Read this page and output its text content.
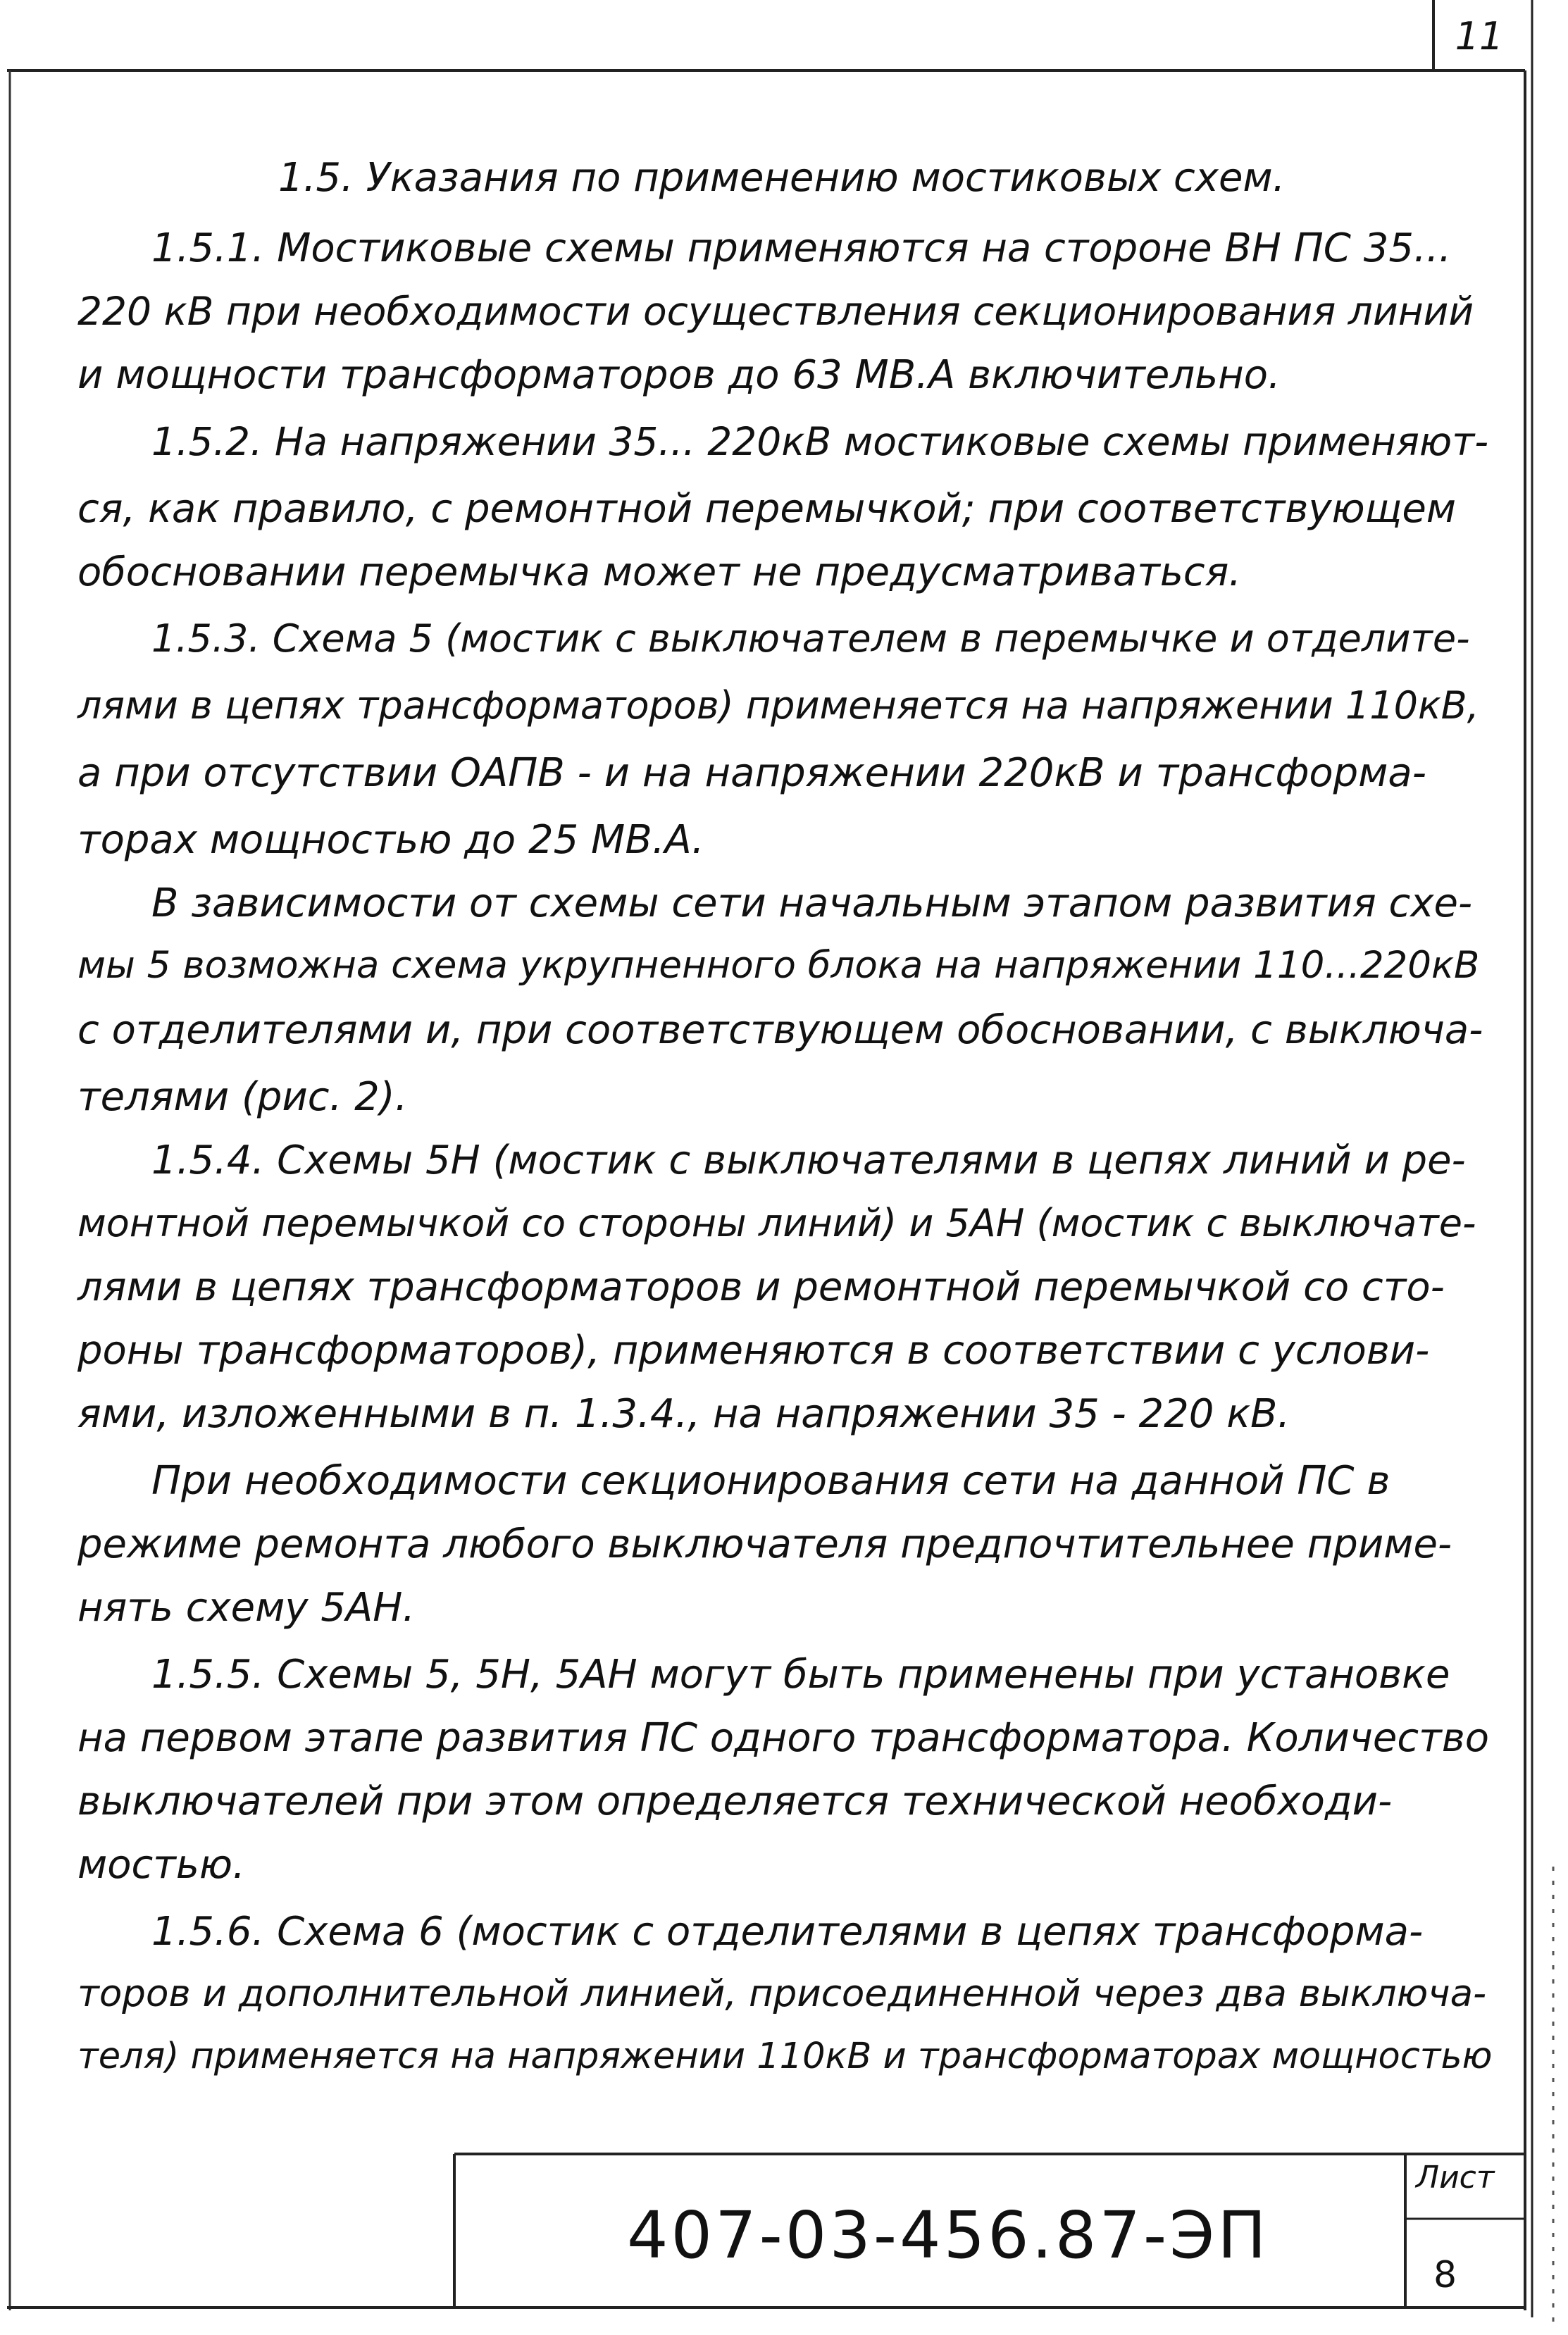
11
1.5. Указания по применению мостиковых схем.
1.5.1. Мостиковые схемы применяются на стороне ВН ПС 35...
220 кВ при необходимости осуществления секционирования линий
и мощности трансформаторов до 63 МВ.А включительно.
1.5.2. На напряжении 35... 220кВ мостиковые схемы применяют-
ся, как правило, с ремонтной перемычкой; при соответствующем
обосновании перемычка может не предусматриваться.
1.5.3. Схема 5 (мостик с выключателем в перемычке и отделите-
лями в цепях трансформаторов) применяется на напряжении 110кВ,
а при отсутствии ОАПВ - и на напряжении 220кВ и трансформа-
торах мощностью до 25 МВ.А.
В зависимости от схемы сети начальным этапом развития схе-
мы 5 возможна схема укрупненного блока на напряжении 110...220кВ
с отделителями и, при соответствующем обосновании, с выключа-
телями (рис. 2).
1.5.4. Схемы 5Н (мостик с выключателями в цепях линий и ре-
монтной перемычкой со стороны линий) и 5АН (мостик с выключате-
лями в цепях трансформаторов и ремонтной перемычкой со сто-
роны трансформаторов), применяются в соответствии с услови-
ями, изложенными в п. 1.3.4., на напряжении 35 - 220 кВ.
При необходимости секционирования сети на данной ПС в
режиме ремонта любого выключателя предпочтительнее приме-
нять схему 5АН.
1.5.5. Схемы 5, 5Н, 5АН могут быть применены при установке
на первом этапе развития ПС одного трансформатора. Количество
выключателей при этом определяется технической необходи-
мостью.
1.5.6. Схема 6 (мостик с отделителями в цепях трансформа-
торов и дополнительной линией, присоединенной через два выключа-
теля) применяется на напряжении 110кВ и трансформаторах мощностью
407-03-456.87-ЭП
Лист
8
